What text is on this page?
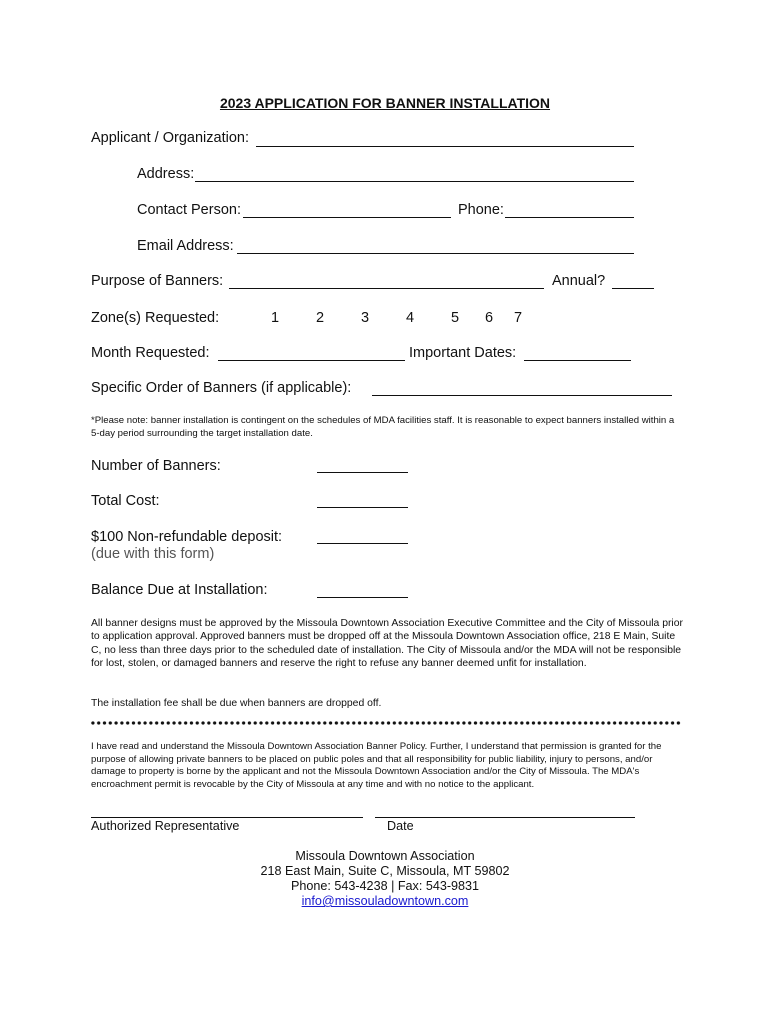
2023 APPLICATION FOR BANNER INSTALLATION
Applicant / Organization:
Address:
Contact Person:	Phone:
Email Address:
Purpose of Banners:	Annual?
Zone(s) Requested:	1	2	3	4	5 6 7
Month Requested:	Important Dates:
Specific Order of Banners (if applicable):
*Please note: banner installation is contingent on the schedules of MDA facilities staff. It is reasonable to expect banners installed within a 5-day period surrounding the target installation date.
Number of Banners:
Total Cost:
$100 Non-refundable deposit:
(due with this form)
Balance Due at Installation:
All banner designs must be approved by the Missoula Downtown Association Executive Committee and the City of Missoula prior to application approval. Approved banners must be dropped off at the Missoula Downtown Association office, 218 E Main, Suite C, no less than three days prior to the scheduled date of installation. The City of Missoula and/or the MDA will not be responsible for lost, stolen, or damaged banners and reserve the right to refuse any banner deemed unfit for installation.
The installation fee shall be due when banners are dropped off.
I have read and understand the Missoula Downtown Association Banner Policy. Further, I understand that permission is granted for the purpose of allowing private banners to be placed on public poles and that all responsibility for public liability, injury to persons, and/or damage to property is borne by the applicant and not the Missoula Downtown Association and/or the City of Missoula. The MDA's encroachment permit is revocable by the City of Missoula at any time and with no notice to the applicant.
Authorized Representative	Date
Missoula Downtown Association
218 East Main, Suite C, Missoula, MT 59802
Phone: 543-4238 | Fax: 543-9831
info@missouladowntown.com
